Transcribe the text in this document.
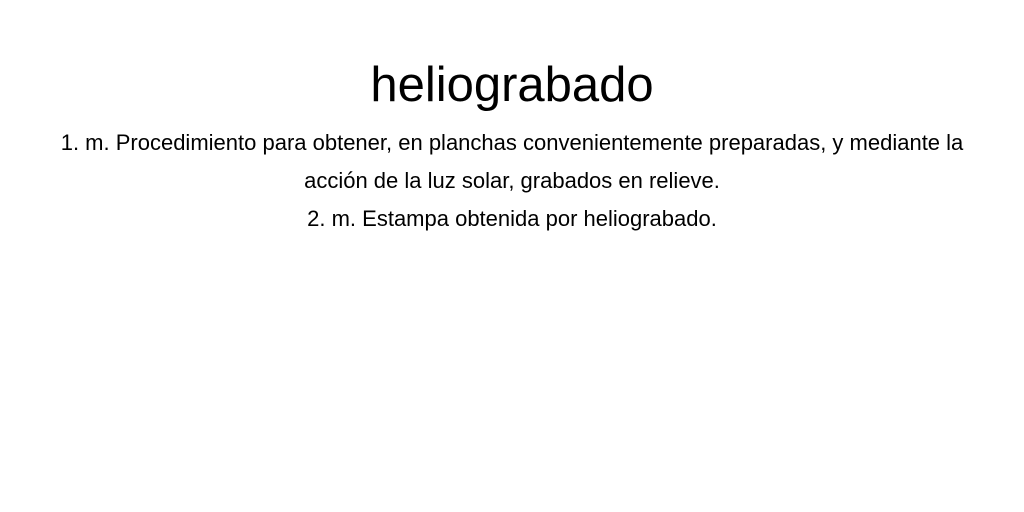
heliograbado
1. m. Procedimiento para obtener, en planchas convenientemente preparadas, y mediante la acción de la luz solar, grabados en relieve.
2. m. Estampa obtenida por heliograbado.
